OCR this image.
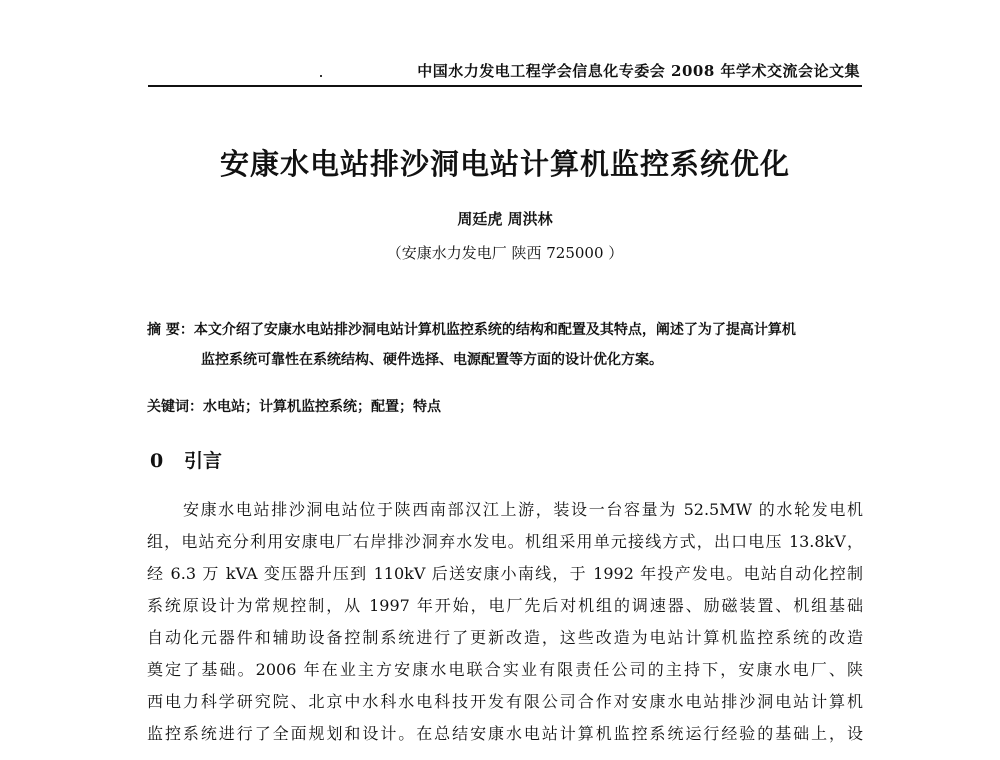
中国水力发电工程学会信息化专委会 2008 年学术交流会论文集
安康水电站排沙洞电站计算机监控系统优化
周廷虎 周洪林
（安康水力发电厂 陕西 725000 ）
摘 要：本文介绍了安康水电站排沙洞电站计算机监控系统的结构和配置及其特点，阐述了为了提高计算机
监控系统可靠性在系统结构、硬件选择、电源配置等方面的设计优化方案。
关键词：水电站；计算机监控系统；配置；特点
0 引言
安康水电站排沙洞电站位于陕西南部汉江上游，装设一台容量为 52.5MW 的水轮发电机
组，电站充分利用安康电厂右岸排沙洞弃水发电。机组采用单元接线方式，出口电压 13.8kV，
经 6.3 万 kVA 变压器升压到 110kV 后送安康小南线，于 1992 年投产发电。电站自动化控制
系统原设计为常规控制，从 1997 年开始，电厂先后对机组的调速器、励磁装置、机组基础
自动化元器件和辅助设备控制系统进行了更新改造，这些改造为电站计算机监控系统的改造
奠定了基础。2006 年在业主方安康水电联合实业有限责任公司的主持下，安康水电厂、陕
西电力科学研究院、北京中水科水电科技开发有限公司合作对安康水电站排沙洞电站计算机
监控系统进行了全面规划和设计。在总结安康水电站计算机监控系统运行经验的基础上，设
